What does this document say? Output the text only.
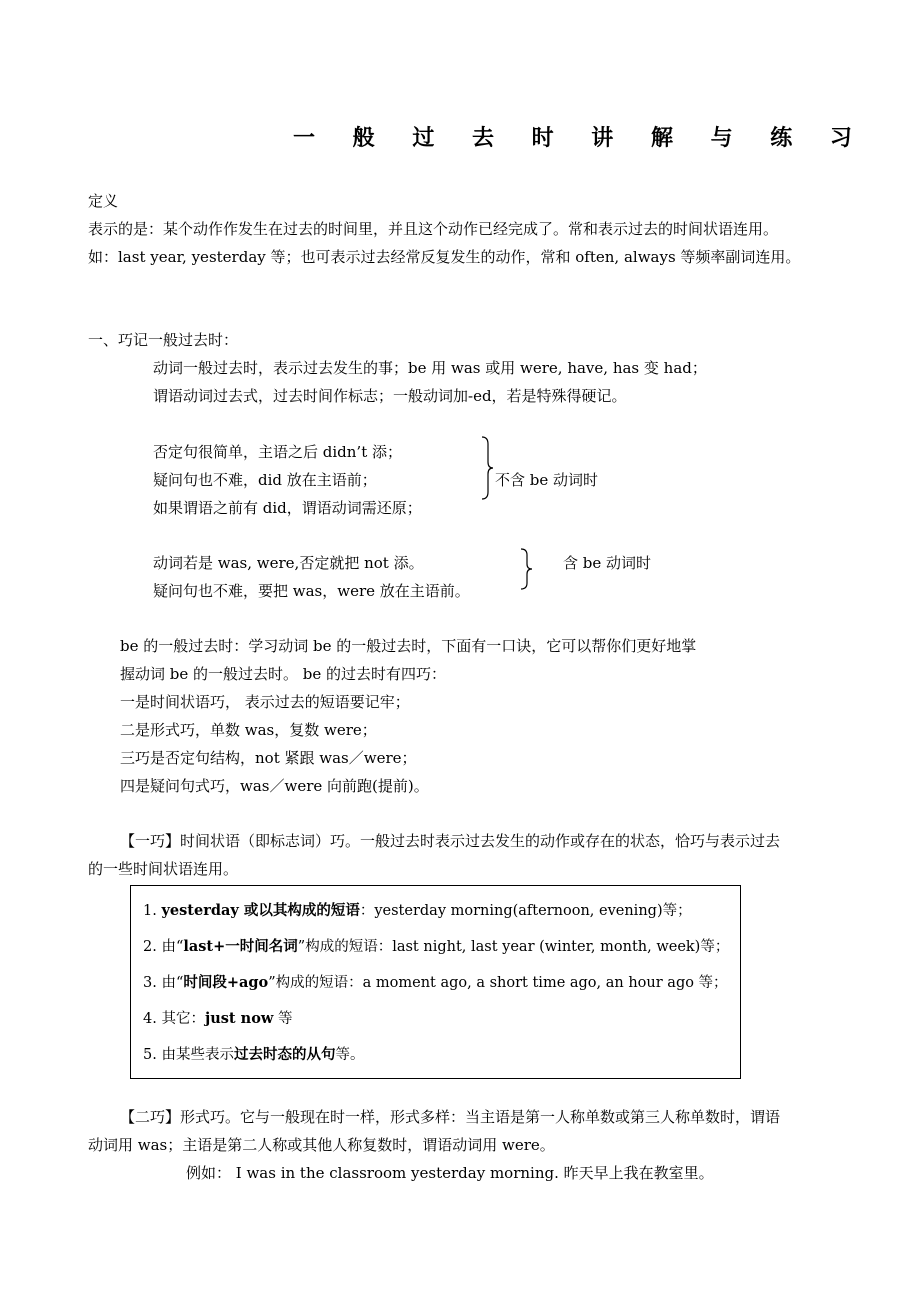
一 般 过 去 时 讲 解 与 练 习
定义
表示的是：某个动作作发生在过去的时间里，并且这个动作已经完成了。常和表示过去的时间状语连用。
如：last year, yesterday 等；也可表示过去经常反复发生的动作，常和 often, always 等频率副词连用。
一、巧记一般过去时：
动词一般过去时，表示过去发生的事；be 用 was 或用 were, have, has 变 had；
谓语动词过去式，过去时间作标志；一般动词加-ed，若是特殊得硬记。
否定句很简单，主语之后 didn’t 添；
疑问句也不难，did 放在主语前；
如果谓语之前有 did，谓语动词需还原；
不含 be 动词时
动词若是 was, were,否定就把 not 添。
疑问句也不难，要把 was，were 放在主语前。
含 be 动词时
be 的一般过去时：学习动词 be 的一般过去时，下面有一口诀，它可以帮你们更好地掌
握动词 be 的一般过去时。 be 的过去时有四巧：
一是时间状语巧， 表示过去的短语要记牢；
二是形式巧，单数 was，复数 were；
三巧是否定句结构，not 紧跟 was／were；
四是疑问句式巧，was／were 向前跑(提前)。
【一巧】时间状语（即标志词）巧。一般过去时表示过去发生的动作或存在的状态，恰巧与表示过去
的一些时间状语连用。
1. yesterday 或以其构成的短语：yesterday morning(afternoon, evening)等；
2. 由“last+一时间名词”构成的短语：last night, last year (winter, month, week)等；
3. 由“时间段+ago”构成的短语：a moment ago, a short time ago, an hour ago 等；
4. 其它：just now 等
5. 由某些表示过去时态的从句等。
【二巧】形式巧。它与一般现在时一样，形式多样：当主语是第一人称单数或第三人称单数时，谓语
动词用 was；主语是第二人称或其他人称复数时，谓语动词用 were。
例如： I was in the classroom yesterday morning. 昨天早上我在教室里。
